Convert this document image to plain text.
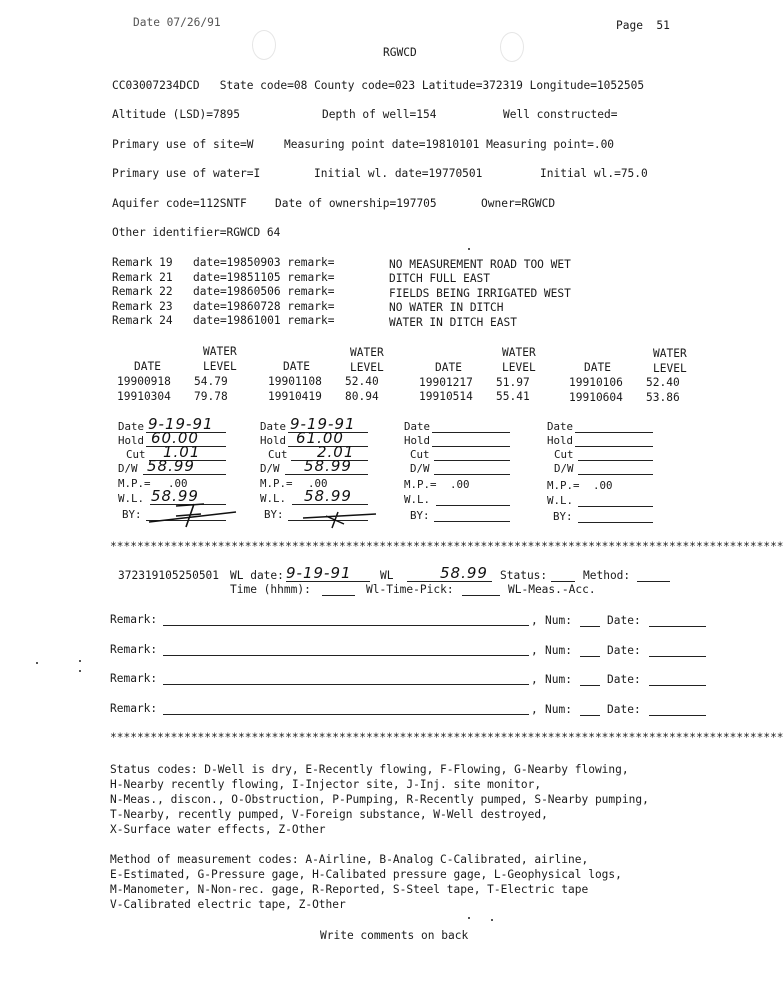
Date 07/26/91	Page  51
RGWCD
CC03007234DCD   State code=08 County code=023 Latitude=372319 Longitude=1052505
Altitude (LSD)=7895	Depth of well=154	Well constructed=
Primary use of site=W	Measuring point date=19810101 Measuring point=.00
Primary use of water=I	Initial wl. date=19770501	Initial wl.=75.0
Aquifer code=112SNTF	Date of ownership=197705	Owner=RGWCD
Other identifier=RGWCD 64
Remark 19 date=19850903 remark=	NO MEASUREMENT ROAD TOO WET
Remark 21 date=19851105 remark=	DITCH FULL EAST
Remark 22 date=19860506 remark=	FIELDS BEING IRRIGATED WEST
Remark 23 date=19860728 remark=	NO WATER IN DITCH
Remark 24 date=19861001 remark=	WATER IN DITCH EAST
WATER	WATER	WATER	WATER
DATE	LEVEL	DATE	LEVEL	DATE	LEVEL	DATE	LEVEL
19900918 54.79	19901108 52.40	19901217 51.97	19910106 52.40
19910304 79.78	19910419 80.94	19910514 55.41	19910604 53.86
Date 9-19-91
Hold 60.00
Cut 1.01
D/W 58.99
M.P.= .00
W.L. 58.99
BY:
Date 9-19-91
Hold 61.00
Cut 2.01
D/W 58.99
M.P.= .00
W.L. 58.99
BY:
Date
Hold
Cut
D/W
M.P.= .00
W.L.
BY:
Date
Hold
Cut
D/W
M.P.= .00
W.L.
BY:
****************************************************************************************************
372319105250501 WL date: 9-19-91	WL	58.99 Status:	Method:
Time (hhmm):	Wl-Time-Pick:	WL-Meas.-Acc.
Remark:	, Num:	Date:
Remark:	, Num:	Date:
Remark:	, Num:	Date:
Remark:	, Num:	Date:
****************************************************************************************************
Status codes: D-Well is dry, E-Recently flowing, F-Flowing, G-Nearby flowing,
H-Nearby recently flowing, I-Injector site, J-Inj. site monitor,
N-Meas., discon., O-Obstruction, P-Pumping, R-Recently pumped, S-Nearby pumping,
T-Nearby, recently pumped, V-Foreign substance, W-Well destroyed,
X-Surface water effects, Z-Other
Method of measurement codes: A-Airline, B-Analog C-Calibrated, airline,
E-Estimated, G-Pressure gage, H-Calibated pressure gage, L-Geophysical logs,
M-Manometer, N-Non-rec. gage, R-Reported, S-Steel tape, T-Electric tape
V-Calibrated electric tape, Z-Other
Write comments on back
